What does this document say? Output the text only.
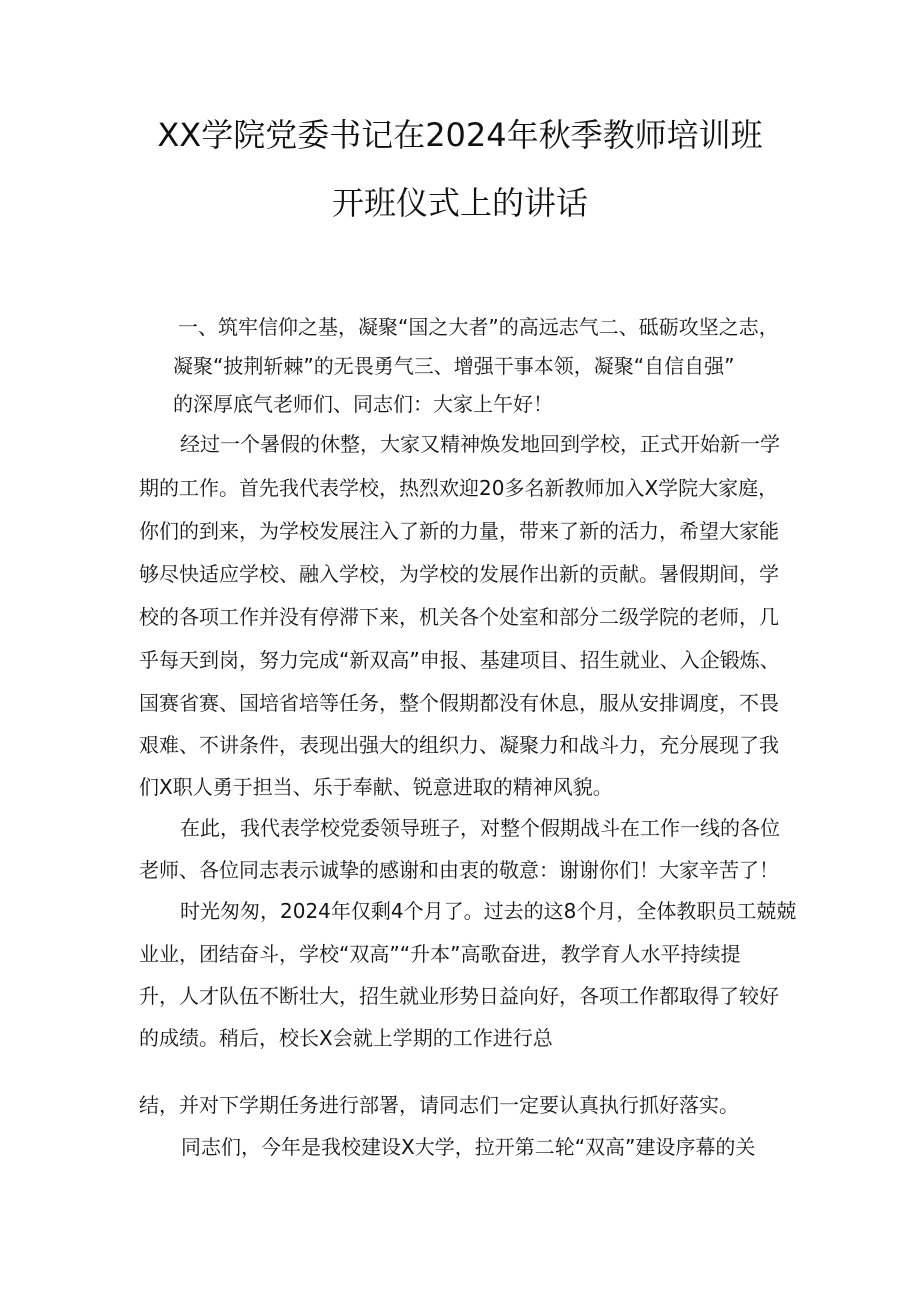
XX学院党委书记在2024年秋季教师培训班
开班仪式上的讲话
一、筑牢信仰之基，凝聚“国之大者”的高远志气二、砥砺攻坚之志，
凝聚“披荆斩棘”的无畏勇气三、增强干事本领，凝聚“自信自强”
的深厚底气老师们、同志们：大家上午好！
经过一个暑假的休整，大家又精神焕发地回到学校，正式开始新一学
期的工作。首先我代表学校，热烈欢迎20多名新教师加入X学院大家庭，
你们的到来，为学校发展注入了新的力量，带来了新的活力，希望大家能
够尽快适应学校、融入学校，为学校的发展作出新的贡献。暑假期间，学
校的各项工作并没有停滞下来，机关各个处室和部分二级学院的老师，几
乎每天到岗，努力完成“新双高”申报、基建项目、招生就业、入企锻炼、
国赛省赛、国培省培等任务，整个假期都没有休息，服从安排调度，不畏
艰难、不讲条件，表现出强大的组织力、凝聚力和战斗力，充分展现了我
们X职人勇于担当、乐于奉献、锐意进取的精神风貌。
在此，我代表学校党委领导班子，对整个假期战斗在工作一线的各位
老师、各位同志表示诚挚的感谢和由衷的敬意：谢谢你们！大家辛苦了！
时光匆匆，2024年仅剩4个月了。过去的这8个月，全体教职员工兢兢
业业，团结奋斗，学校“双高”“升本”高歌奋进，教学育人水平持续提
升，人才队伍不断壮大，招生就业形势日益向好，各项工作都取得了较好
的成绩。稍后，校长X会就上学期的工作进行总
结，并对下学期任务进行部署，请同志们一定要认真执行抓好落实。
同志们，今年是我校建设X大学，拉开第二轮“双高”建设序幕的关
